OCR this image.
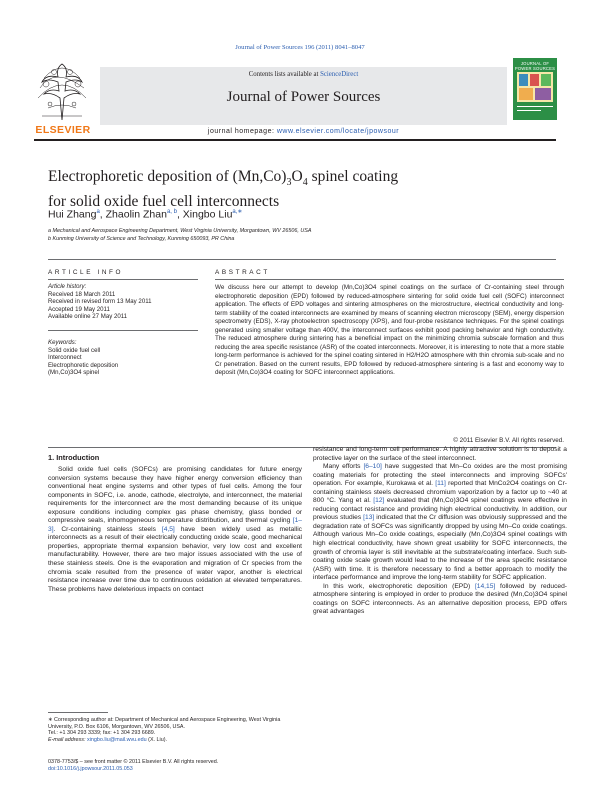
Journal of Power Sources 196 (2011) 8041–8047
ELSEVIER
Contents lists available at ScienceDirect
Journal of Power Sources
JOURNAL OF POWER SOURCES
journal homepage: www.elsevier.com/locate/jpowsour
Electrophoretic deposition of $(Mn,Co)_3O_4$ spinel coating
for solid oxide fuel cell interconnects
Hui Zhang$^a$, Zhaolin Zhan$^{a, b}$, Xingbo Liu$^{a,∗}$
a Mechanical and Aerospace Engineering Department, West Virginia University, Morgantown, WV 26506, USA
b Kunming University of Science and Technology, Kunming 650093, PR China
ARTICLE INFO
Article history:
Received 18 March 2011
Received in revised form 13 May 2011
Accepted 19 May 2011
Available online 27 May 2011
Keywords:
Solid oxide fuel cell
Interconnect
Electrophoretic deposition
(Mn,Co)3O4 spinel
ABSTRACT
We discuss here our attempt to develop (Mn,Co)3O4 spinel coatings on the surface of Cr-containing steel through electrophoretic deposition (EPD) followed by reduced-atmosphere sintering for solid oxide fuel cell (SOFC) interconnect application. The effects of EPD voltages and sintering atmospheres on the microstructure, electrical conductivity and long-term stability of the coated interconnects are examined by means of scanning electron microscopy (SEM), energy dispersion spectrometry (EDS), X-ray photoelectron spectroscopy (XPS), and four-probe resistance techniques. For the spinel coatings generated using smaller voltage than 400V, the interconnect surfaces exhibit good packing behavior and high conductivity. The reduced atmosphere during sintering has a beneficial impact on the minimizing chromia subscale formation and thus reducing the area specific resistance (ASR) of the coated interconnects. Moreover, it is interesting to note that a more stable long-term performance is achieved for the spinel coating sintered in H2/H2O atmosphere with thin chromia sub-scale and no Cr penetration. Based on the current results, EPD followed by reduced-atmosphere sintering is a fast and economy way to deposit (Mn,Co)3O4 coating for SOFC interconnect applications.
© 2011 Elsevier B.V. All rights reserved.
1. Introduction

Solid oxide fuel cells (SOFCs) are promising candidates for future energy conversion systems because they have higher energy conversion efficiency than conventional heat engine systems and other types of fuel cells. Among the four components in SOFC, i.e. anode, cathode, electrolyte, and interconnect, the material requirements for the interconnect are the most demanding because of its unique exposure conditions including complex gas phase chemistry, glass bonded or compressive seals, inhomogeneous temperature distribution, and thermal cycling [1–3]. Cr-containing stainless steels [4,5] have been widely used as metallic interconnects as a result of their electrically conducting oxide scale, good mechanical properties, appropriate thermal expansion behavior, very low cost and excellent manufacturability. However, there are two major issues associated with the use of these stainless steels. One is the evaporation and migration of Cr species from the chromia scale resulted from the presence of water vapor, another is electrical resistance increase over time due to continuous oxidation at elevated temperatures. These problems have deleterious impacts on contact

resistance and long-term cell performance. A highly attractive solution is to deposit a protective layer on the surface of the steel interconnect.

Many efforts [6–10] have suggested that Mn–Co oxides are the most promising coating materials for protecting the steel interconnects and improving SOFCs' operation. For example, Kurokawa et al. [11] reported that MnCo2O4 coatings on Cr-containing stainless steels decreased chromium vaporization by a factor up to ~40 at 800 °C. Yang et al. [12] evaluated that (Mn,Co)3O4 spinel coatings were effective in reducing contact resistance and providing high electrical conductivity. In addition, our previous studies [13] indicated that the Cr diffusion was obviously suppressed and the degradation rate of SOFCs was significantly dropped by using Mn–Co oxide coatings. Although various Mn–Co oxide coatings, especially (Mn,Co)3O4 spinel coatings with high electrical conductivity, have shown great usability for SOFC interconnects, the growth of chromia layer is still inevitable at the substrate/coating interface. Such sub-coating oxide scale growth would lead to the increase of the area specific resistance (ASR) with time. It is therefore necessary to find a better approach to modify the interface performance and improve the long-term stability for SOFC application.

In this work, electrophoretic deposition (EPD) [14,15] followed by reduced-atmosphere sintering is employed in order to produce the desired (Mn,Co)3O4 spinel coatings on SOFC interconnects. As an alternative deposition process, EPD offers great advantages

∗ Corresponding author at: Department of Mechanical and Aerospace Engineering, West Virginia University, P.O. Box 6106, Morgantown, WV 26506, USA.
Tel.: +1 304 293 3339; fax: +1 304 293 6689.
E-mail address: xingbo.liu@mail.wvu.edu (X. Liu).
0378-7753/$ – see front matter © 2011 Elsevier B.V. All rights reserved.
doi:10.1016/j.jpowsour.2011.05.053
